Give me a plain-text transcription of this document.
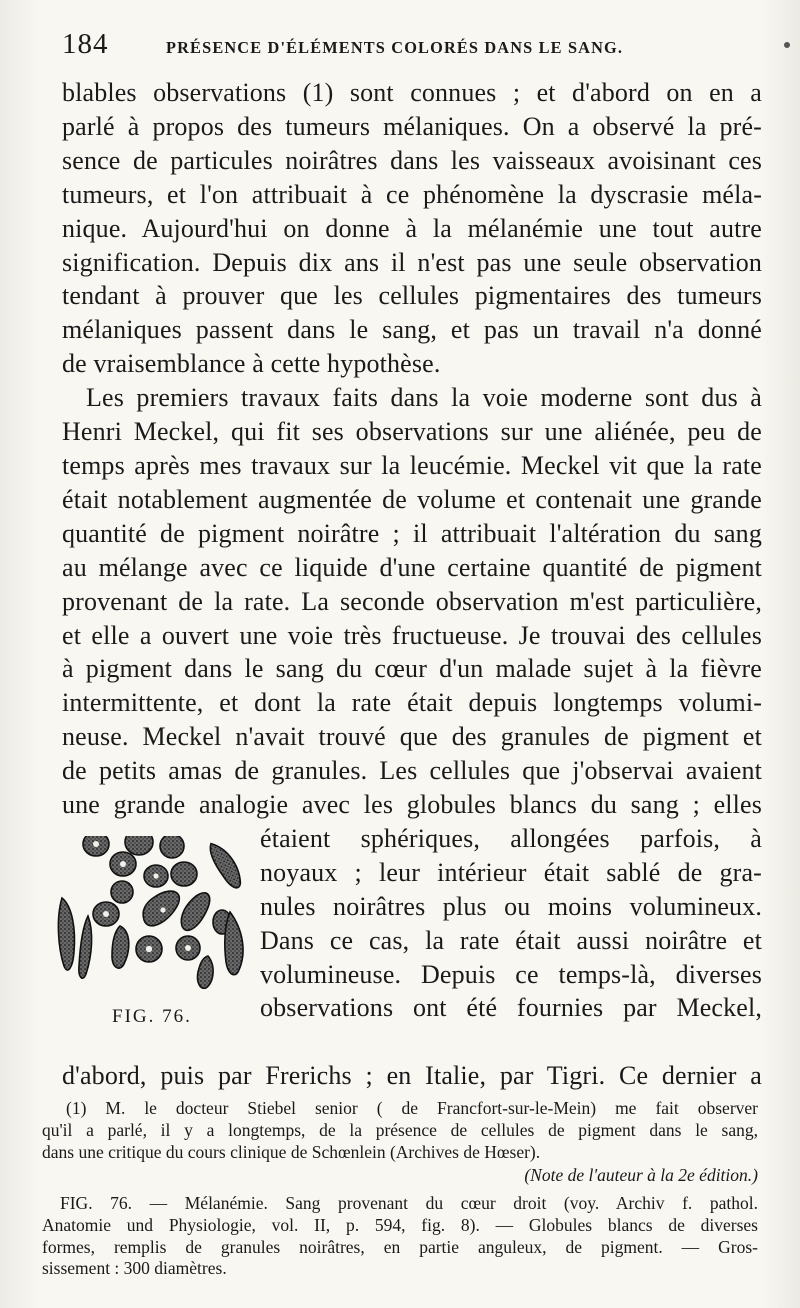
184	PRÉSENCE D'ÉLÉMENTS COLORÉS DANS LE SANG.
blables observations (1) sont connues ; et d'abord on en a
parlé à propos des tumeurs mélaniques. On a observé la pré-
sence de particules noirâtres dans les vaisseaux avoisinant ces
tumeurs, et l'on attribuait à ce phénomène la dyscrasie méla-
nique. Aujourd'hui on donne à la mélanémie une tout autre
signification. Depuis dix ans il n'est pas une seule observation
tendant à prouver que les cellules pigmentaires des tumeurs
mélaniques passent dans le sang, et pas un travail n'a donné
de vraisemblance à cette hypothèse.
Les premiers travaux faits dans la voie moderne sont dus à
Henri Meckel, qui fit ses observations sur une aliénée, peu de
temps après mes travaux sur la leucémie. Meckel vit que la rate
était notablement augmentée de volume et contenait une grande
quantité de pigment noirâtre ; il attribuait l'altération du sang
au mélange avec ce liquide d'une certaine quantité de pigment
provenant de la rate. La seconde observation m'est particulière,
et elle a ouvert une voie très fructueuse. Je trouvai des cellules
à pigment dans le sang du cœur d'un malade sujet à la fièvre
intermittente, et dont la rate était depuis longtemps volumi-
neuse. Meckel n'avait trouvé que des granules de pigment et
de petits amas de granules. Les cellules que j'observai avaient
une grande analogie avec les globules blancs du sang ; elles
FIG. 76.
étaient sphériques, allongées parfois, à
noyaux ; leur intérieur était sablé de gra-
nules noirâtres plus ou moins volumineux.
Dans ce cas, la rate était aussi noirâtre et
volumineuse. Depuis ce temps-là, diverses
observations ont été fournies par Meckel,
d'abord, puis par Frerichs ; en Italie, par Tigri. Ce dernier a
(1) M. le docteur Stiebel senior ( de Francfort-sur-le-Mein) me fait observer
qu'il a parlé, il y a longtemps, de la présence de cellules de pigment dans le sang,
dans une critique du cours clinique de Schœnlein (Archives de Hœser).
(Note de l'auteur à la 2e édition.)
FIG. 76. — Mélanémie. Sang provenant du cœur droit (voy. Archiv f. pathol.
Anatomie und Physiologie, vol. II, p. 594, fig. 8). — Globules blancs de diverses
formes, remplis de granules noirâtres, en partie anguleux, de pigment. — Gros-
sissement : 300 diamètres.
